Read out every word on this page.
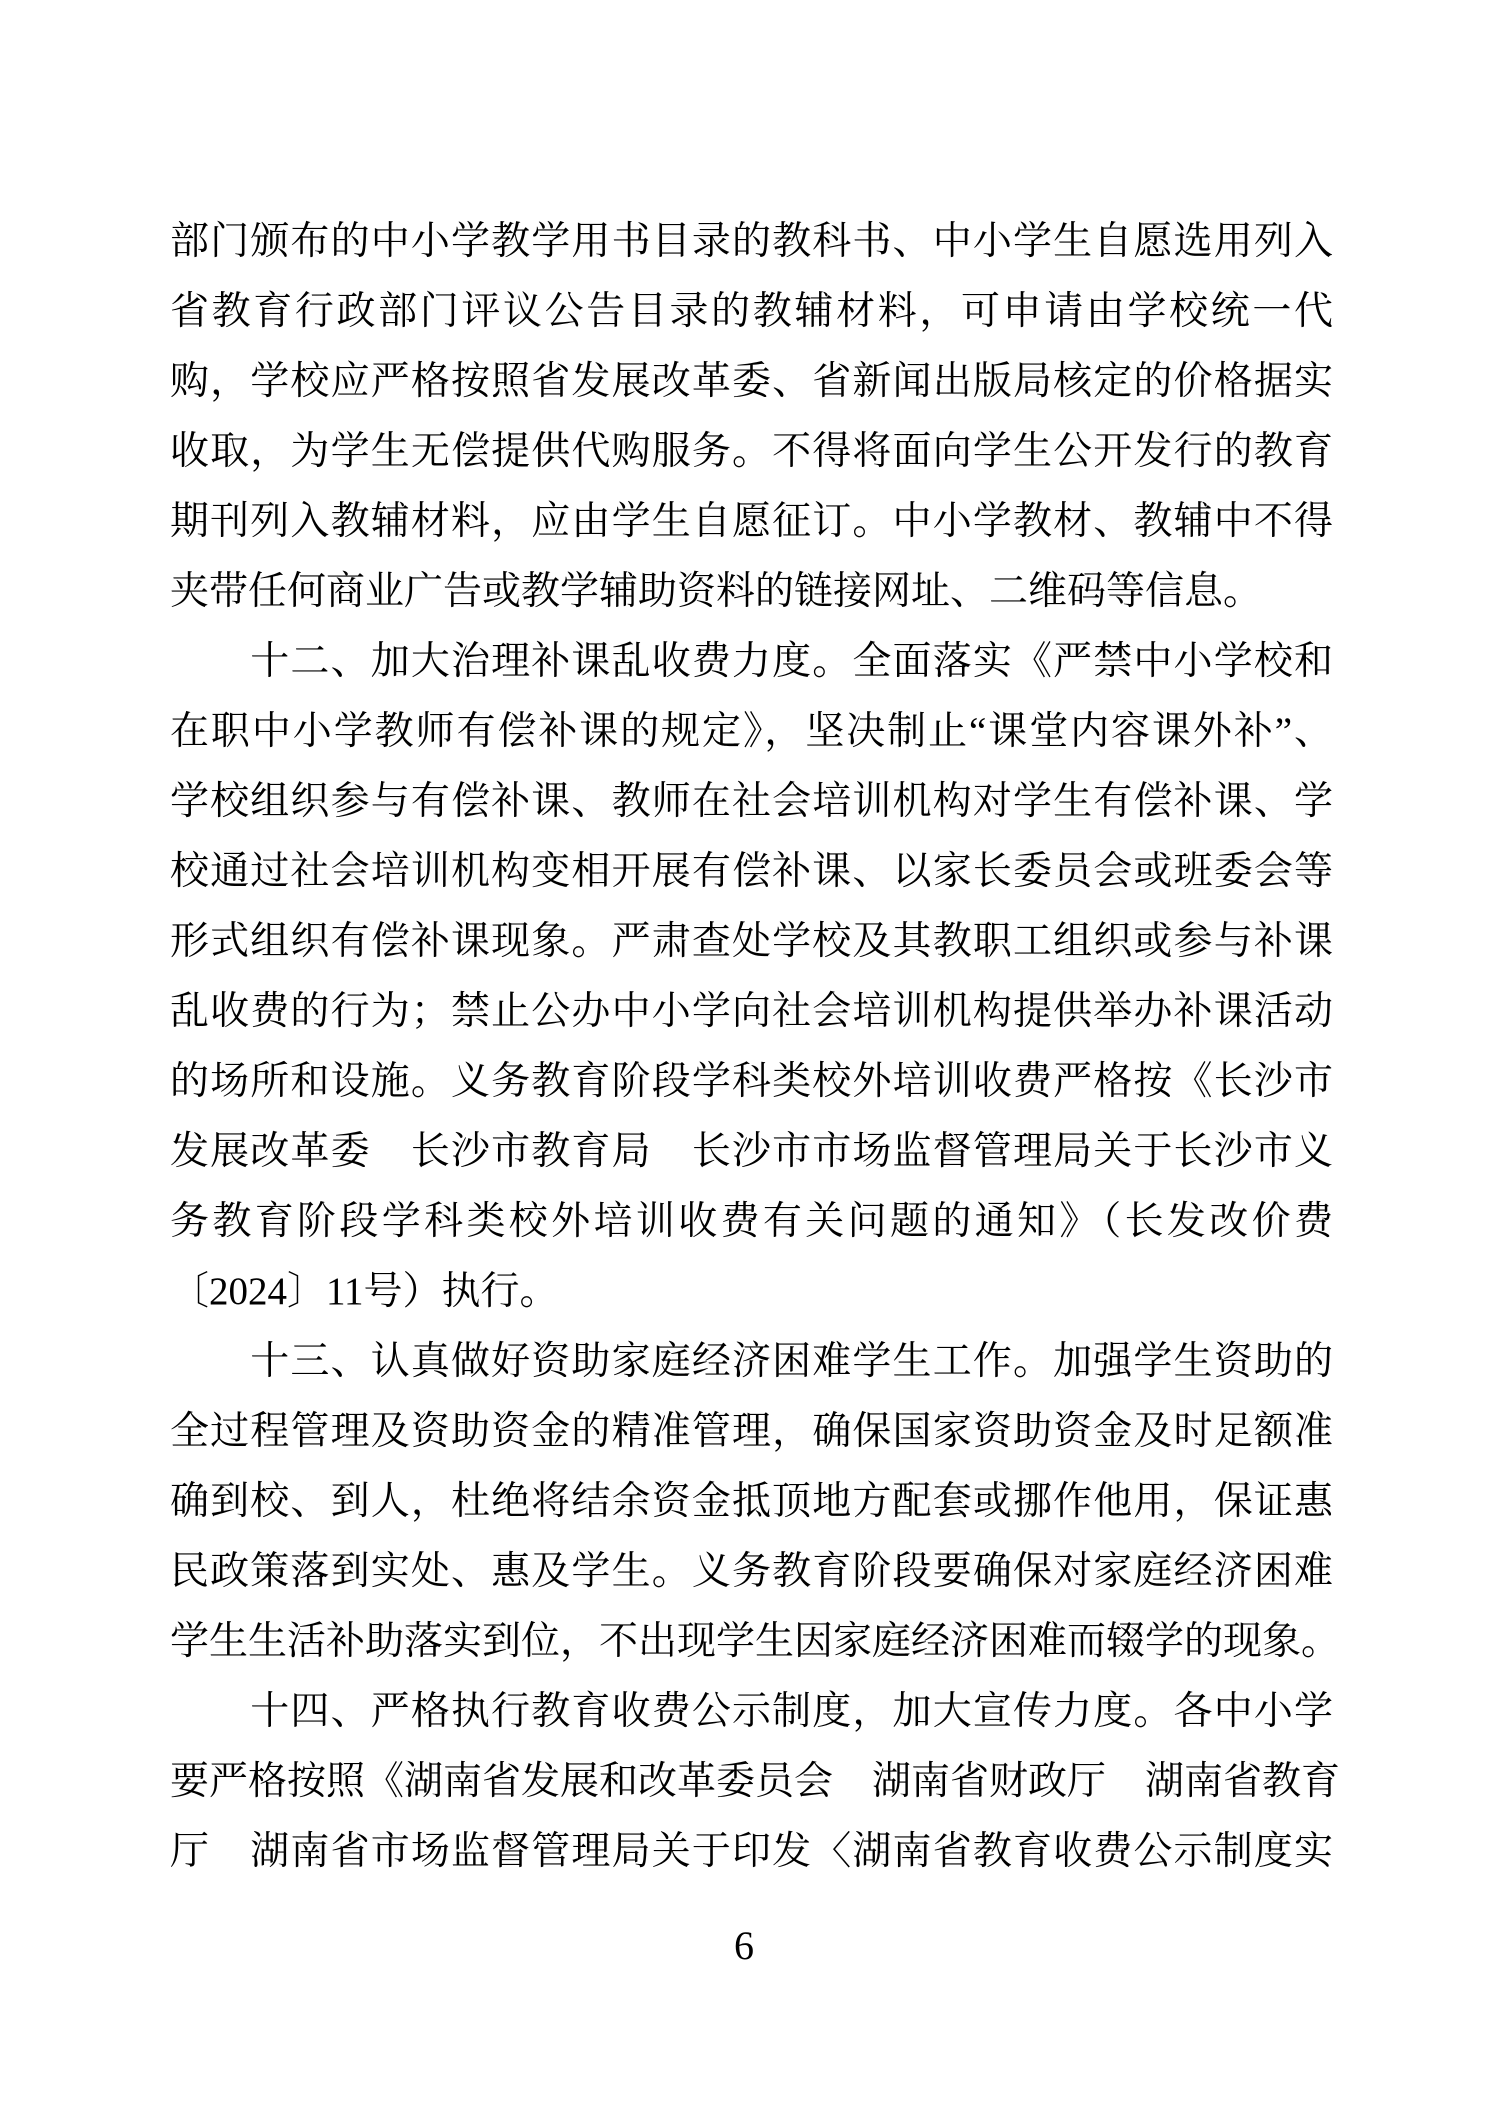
部门颁布的中小学教学用书目录的教科书、中小学生自愿选用列入
省教育行政部门评议公告目录的教辅材料，可申请由学校统一代
购，学校应严格按照省发展改革委、省新闻出版局核定的价格据实
收取，为学生无偿提供代购服务。不得将面向学生公开发行的教育
期刊列入教辅材料，应由学生自愿征订。中小学教材、教辅中不得
夹带任何商业广告或教学辅助资料的链接网址、二维码等信息。
　　十二、加大治理补课乱收费力度。全面落实《严禁中小学校和
在职中小学教师有偿补课的规定》，坚决制止“课堂内容课外补”、
学校组织参与有偿补课、教师在社会培训机构对学生有偿补课、学
校通过社会培训机构变相开展有偿补课、以家长委员会或班委会等
形式组织有偿补课现象。严肃查处学校及其教职工组织或参与补课
乱收费的行为；禁止公办中小学向社会培训机构提供举办补课活动
的场所和设施。义务教育阶段学科类校外培训收费严格按《长沙市
发展改革委　长沙市教育局　长沙市市场监督管理局关于长沙市义
务教育阶段学科类校外培训收费有关问题的通知》（长发改价费
〔2024〕11号）执行。
　　十三、认真做好资助家庭经济困难学生工作。加强学生资助的
全过程管理及资助资金的精准管理，确保国家资助资金及时足额准
确到校、到人，杜绝将结余资金抵顶地方配套或挪作他用，保证惠
民政策落到实处、惠及学生。义务教育阶段要确保对家庭经济困难
学生生活补助落实到位，不出现学生因家庭经济困难而辍学的现象。
　　十四、严格执行教育收费公示制度，加大宣传力度。各中小学
要严格按照《湖南省发展和改革委员会　湖南省财政厅　湖南省教育
厅　湖南省市场监督管理局关于印发〈湖南省教育收费公示制度实
6
